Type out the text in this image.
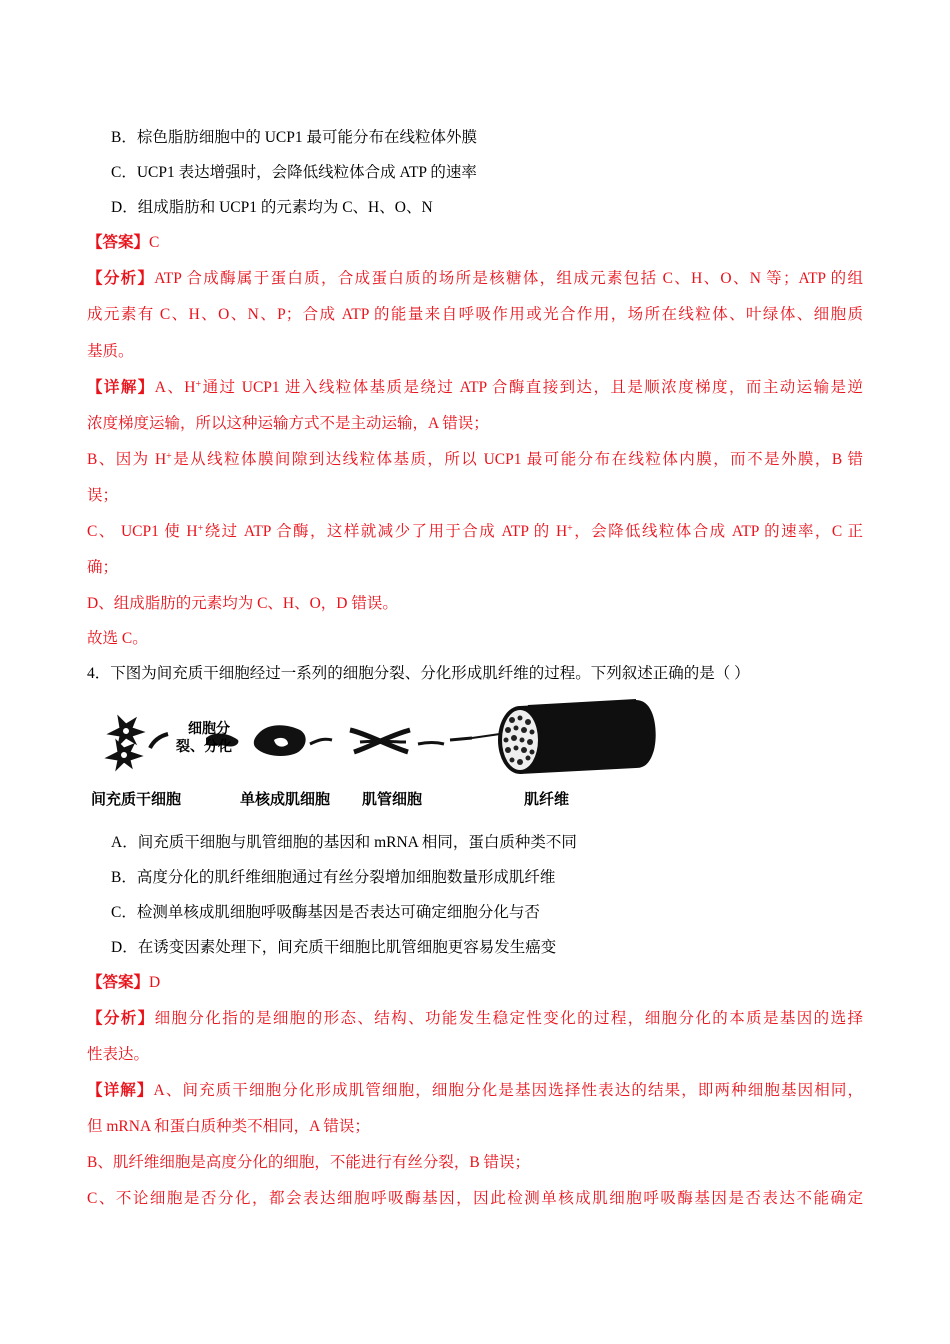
B．棕色脂肪细胞中的 UCP1 最可能分布在线粒体外膜
C．UCP1 表达增强时，会降低线粒体合成 ATP 的速率
D．组成脂肪和 UCP1 的元素均为 C、H、O、N
【答案】C
【分析】ATP 合成酶属于蛋白质，合成蛋白质的场所是核糖体，组成元素包括 C、H、O、N 等；ATP 的组
成元素有 C、H、O、N、P；合成 ATP 的能量来自呼吸作用或光合作用，场所在线粒体、叶绿体、细胞质
基质。
【详解】A、H+通过 UCP1 进入线粒体基质是绕过 ATP 合酶直接到达，且是顺浓度梯度，而主动运输是逆
浓度梯度运输，所以这种运输方式不是主动运输，A 错误；
B、因为 H+是从线粒体膜间隙到达线粒体基质，所以 UCP1 最可能分布在线粒体内膜，而不是外膜，B 错
误；
C、 UCP1 使 H+绕过 ATP 合酶，这样就减少了用于合成 ATP 的 H+，会降低线粒体合成 ATP 的速率，C 正
确；
D、组成脂肪的元素均为 C、H、O，D 错误。
故选 C。
4．下图为间充质干细胞经过一系列的细胞分裂、分化形成肌纤维的过程。下列叙述正确的是（ ）
细胞分
裂、分化
间充质干细胞	单核成肌细胞 肌管细胞	肌纤维
A．间充质干细胞与肌管细胞的基因和 mRNA 相同，蛋白质种类不同
B．高度分化的肌纤维细胞通过有丝分裂增加细胞数量形成肌纤维
C．检测单核成肌细胞呼吸酶基因是否表达可确定细胞分化与否
D．在诱变因素处理下，间充质干细胞比肌管细胞更容易发生癌变
【答案】D
【分析】细胞分化指的是细胞的形态、结构、功能发生稳定性变化的过程，细胞分化的本质是基因的选择
性表达。
【详解】A、间充质干细胞分化形成肌管细胞，细胞分化是基因选择性表达的结果，即两种细胞基因相同，
但 mRNA 和蛋白质种类不相同，A 错误；
B、肌纤维细胞是高度分化的细胞，不能进行有丝分裂，B 错误；
C、不论细胞是否分化，都会表达细胞呼吸酶基因，因此检测单核成肌细胞呼吸酶基因是否表达不能确定
